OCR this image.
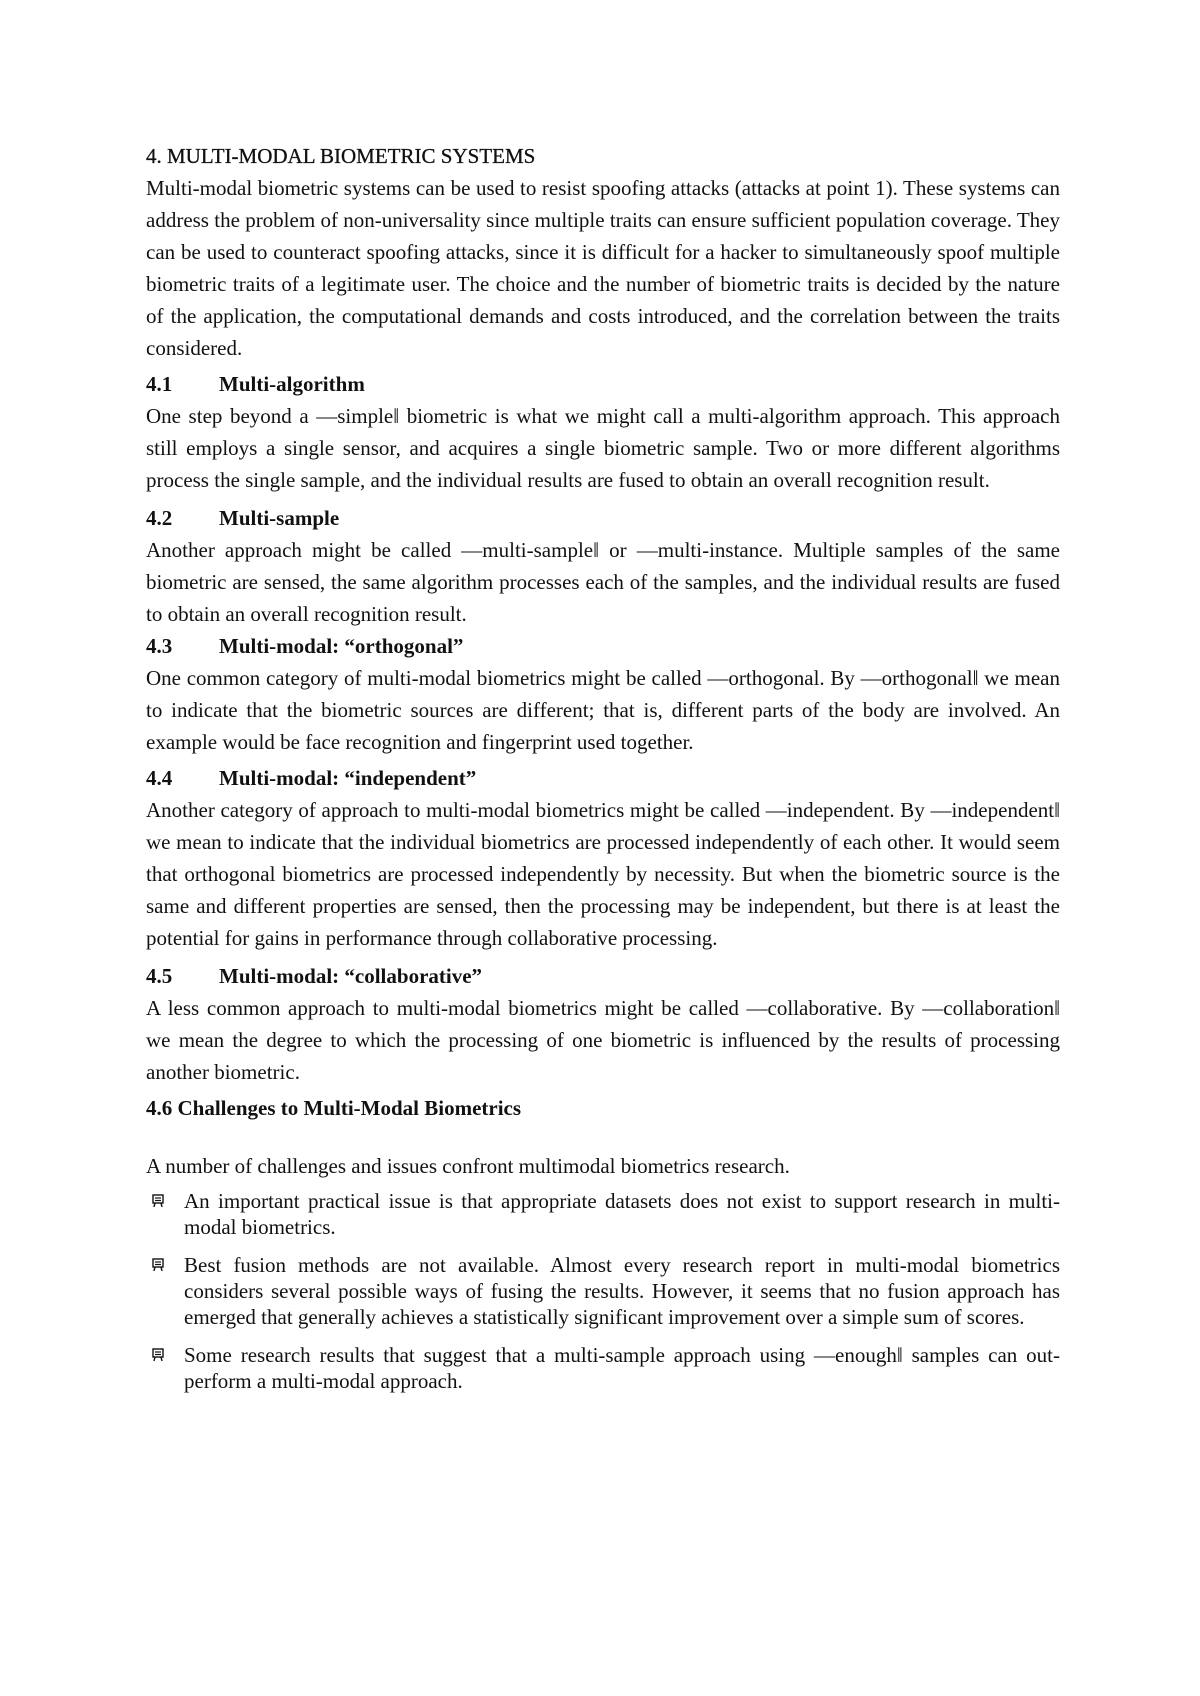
4. MULTI-MODAL BIOMETRIC SYSTEMS

Multi-modal biometric systems can be used to resist spoofing attacks (attacks at point 1). These systems can address the problem of non-universality since multiple traits can ensure sufficient population coverage. They can be used to counteract spoofing attacks, since it is difficult for a hacker to simultaneously spoof multiple biometric traits of a legitimate user. The choice and the number of biometric traits is decided by the nature of the application, the computational demands and costs introduced, and the correlation between the traits considered.

4.1	Multi-algorithm

One step beyond a ―simple‖ biometric is what we might call a multi-algorithm approach. This approach still employs a single sensor, and acquires a single biometric sample. Two or more different algorithms process the single sample, and the individual results are fused to obtain an overall recognition result.

4.2	Multi-sample

Another approach might be called ―multi-sample‖ or ―multi-instance. Multiple samples of the same biometric are sensed, the same algorithm processes each of the samples, and the individual results are fused to obtain an overall recognition result.

4.3	Multi-modal: “orthogonal”

One common category of multi-modal biometrics might be called ―orthogonal. By ―orthogonal‖ we mean to indicate that the biometric sources are different; that is, different parts of the body are involved. An example would be face recognition and fingerprint used together.

4.4	Multi-modal: “independent”

Another category of approach to multi-modal biometrics might be called ―independent. By ―independent‖ we mean to indicate that the individual biometrics are processed independently of each other. It would seem that orthogonal biometrics are processed independently by necessity. But when the biometric source is the same and different properties are sensed, then the processing may be independent, but there is at least the potential for gains in performance through collaborative processing.

4.5	Multi-modal: “collaborative”

A less common approach to multi-modal biometrics might be called ―collaborative. By ―collaboration‖ we mean the degree to which the processing of one biometric is influenced by the results of processing another biometric.

4.6 Challenges to Multi-Modal Biometrics

A number of challenges and issues confront multimodal biometrics research.

An important practical issue is that appropriate datasets does not exist to support research in multi-modal biometrics.
Best fusion methods are not available. Almost every research report in multi-modal biometrics considers several possible ways of fusing the results. However, it seems that no fusion approach has emerged that generally achieves a statistically significant improvement over a simple sum of scores.
Some research results that suggest that a multi-sample approach using ―enough‖ samples can out-perform a multi-modal approach.
